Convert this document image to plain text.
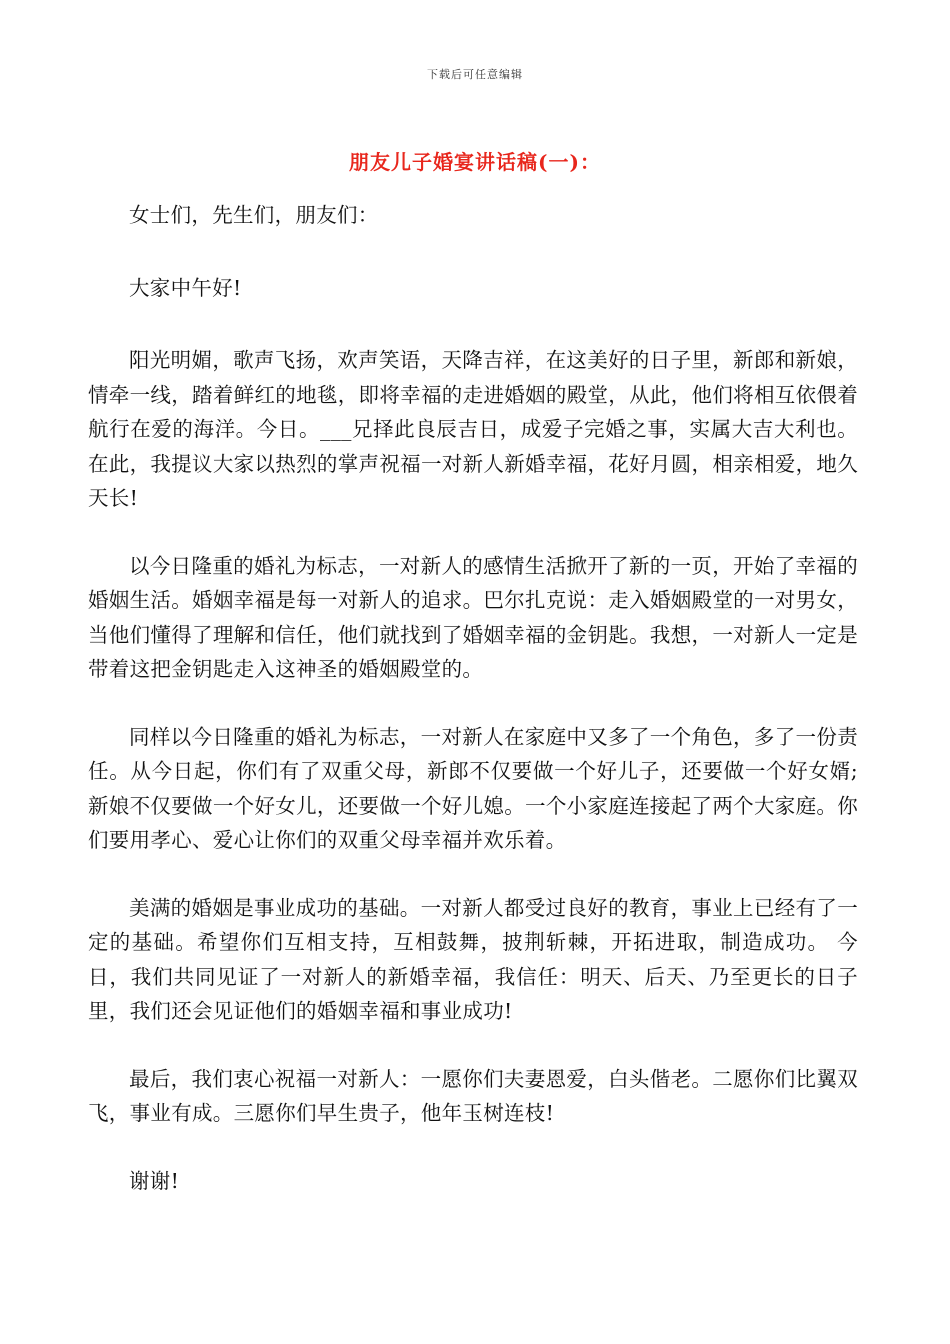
下载后可任意编辑
朋友儿子婚宴讲话稿(一)：

女士们，先生们，朋友们：

大家中午好!

阳光明媚，歌声飞扬，欢声笑语，天降吉祥，在这美好的日子里，新郎和新娘，情牵一线，踏着鲜红的地毯，即将幸福的走进婚姻的殿堂，从此，他们将相互依偎着航行在爱的海洋。今日。___兄择此良辰吉日，成爱子完婚之事，实属大吉大利也。在此，我提议大家以热烈的掌声祝福一对新人新婚幸福，花好月圆，相亲相爱，地久天长!

以今日隆重的婚礼为标志，一对新人的感情生活掀开了新的一页，开始了幸福的婚姻生活。婚姻幸福是每一对新人的追求。巴尔扎克说：走入婚姻殿堂的一对男女，当他们懂得了理解和信任，他们就找到了婚姻幸福的金钥匙。我想，一对新人一定是带着这把金钥匙走入这神圣的婚姻殿堂的。

同样以今日隆重的婚礼为标志，一对新人在家庭中又多了一个角色，多了一份责任。从今日起，你们有了双重父母，新郎不仅要做一个好儿子，还要做一个好女婿;新娘不仅要做一个好女儿，还要做一个好儿媳。一个小家庭连接起了两个大家庭。你们要用孝心、爱心让你们的双重父母幸福并欢乐着。

美满的婚姻是事业成功的基础。一对新人都受过良好的教育，事业上已经有了一定的基础。希望你们互相支持，互相鼓舞，披荆斩棘，开拓进取，制造成功。 今日，我们共同见证了一对新人的新婚幸福，我信任：明天、后天、乃至更长的日子里，我们还会见证他们的婚姻幸福和事业成功!

最后，我们衷心祝福一对新人：一愿你们夫妻恩爱，白头偕老。二愿你们比翼双飞，事业有成。三愿你们早生贵子，他年玉树连枝!

谢谢!
